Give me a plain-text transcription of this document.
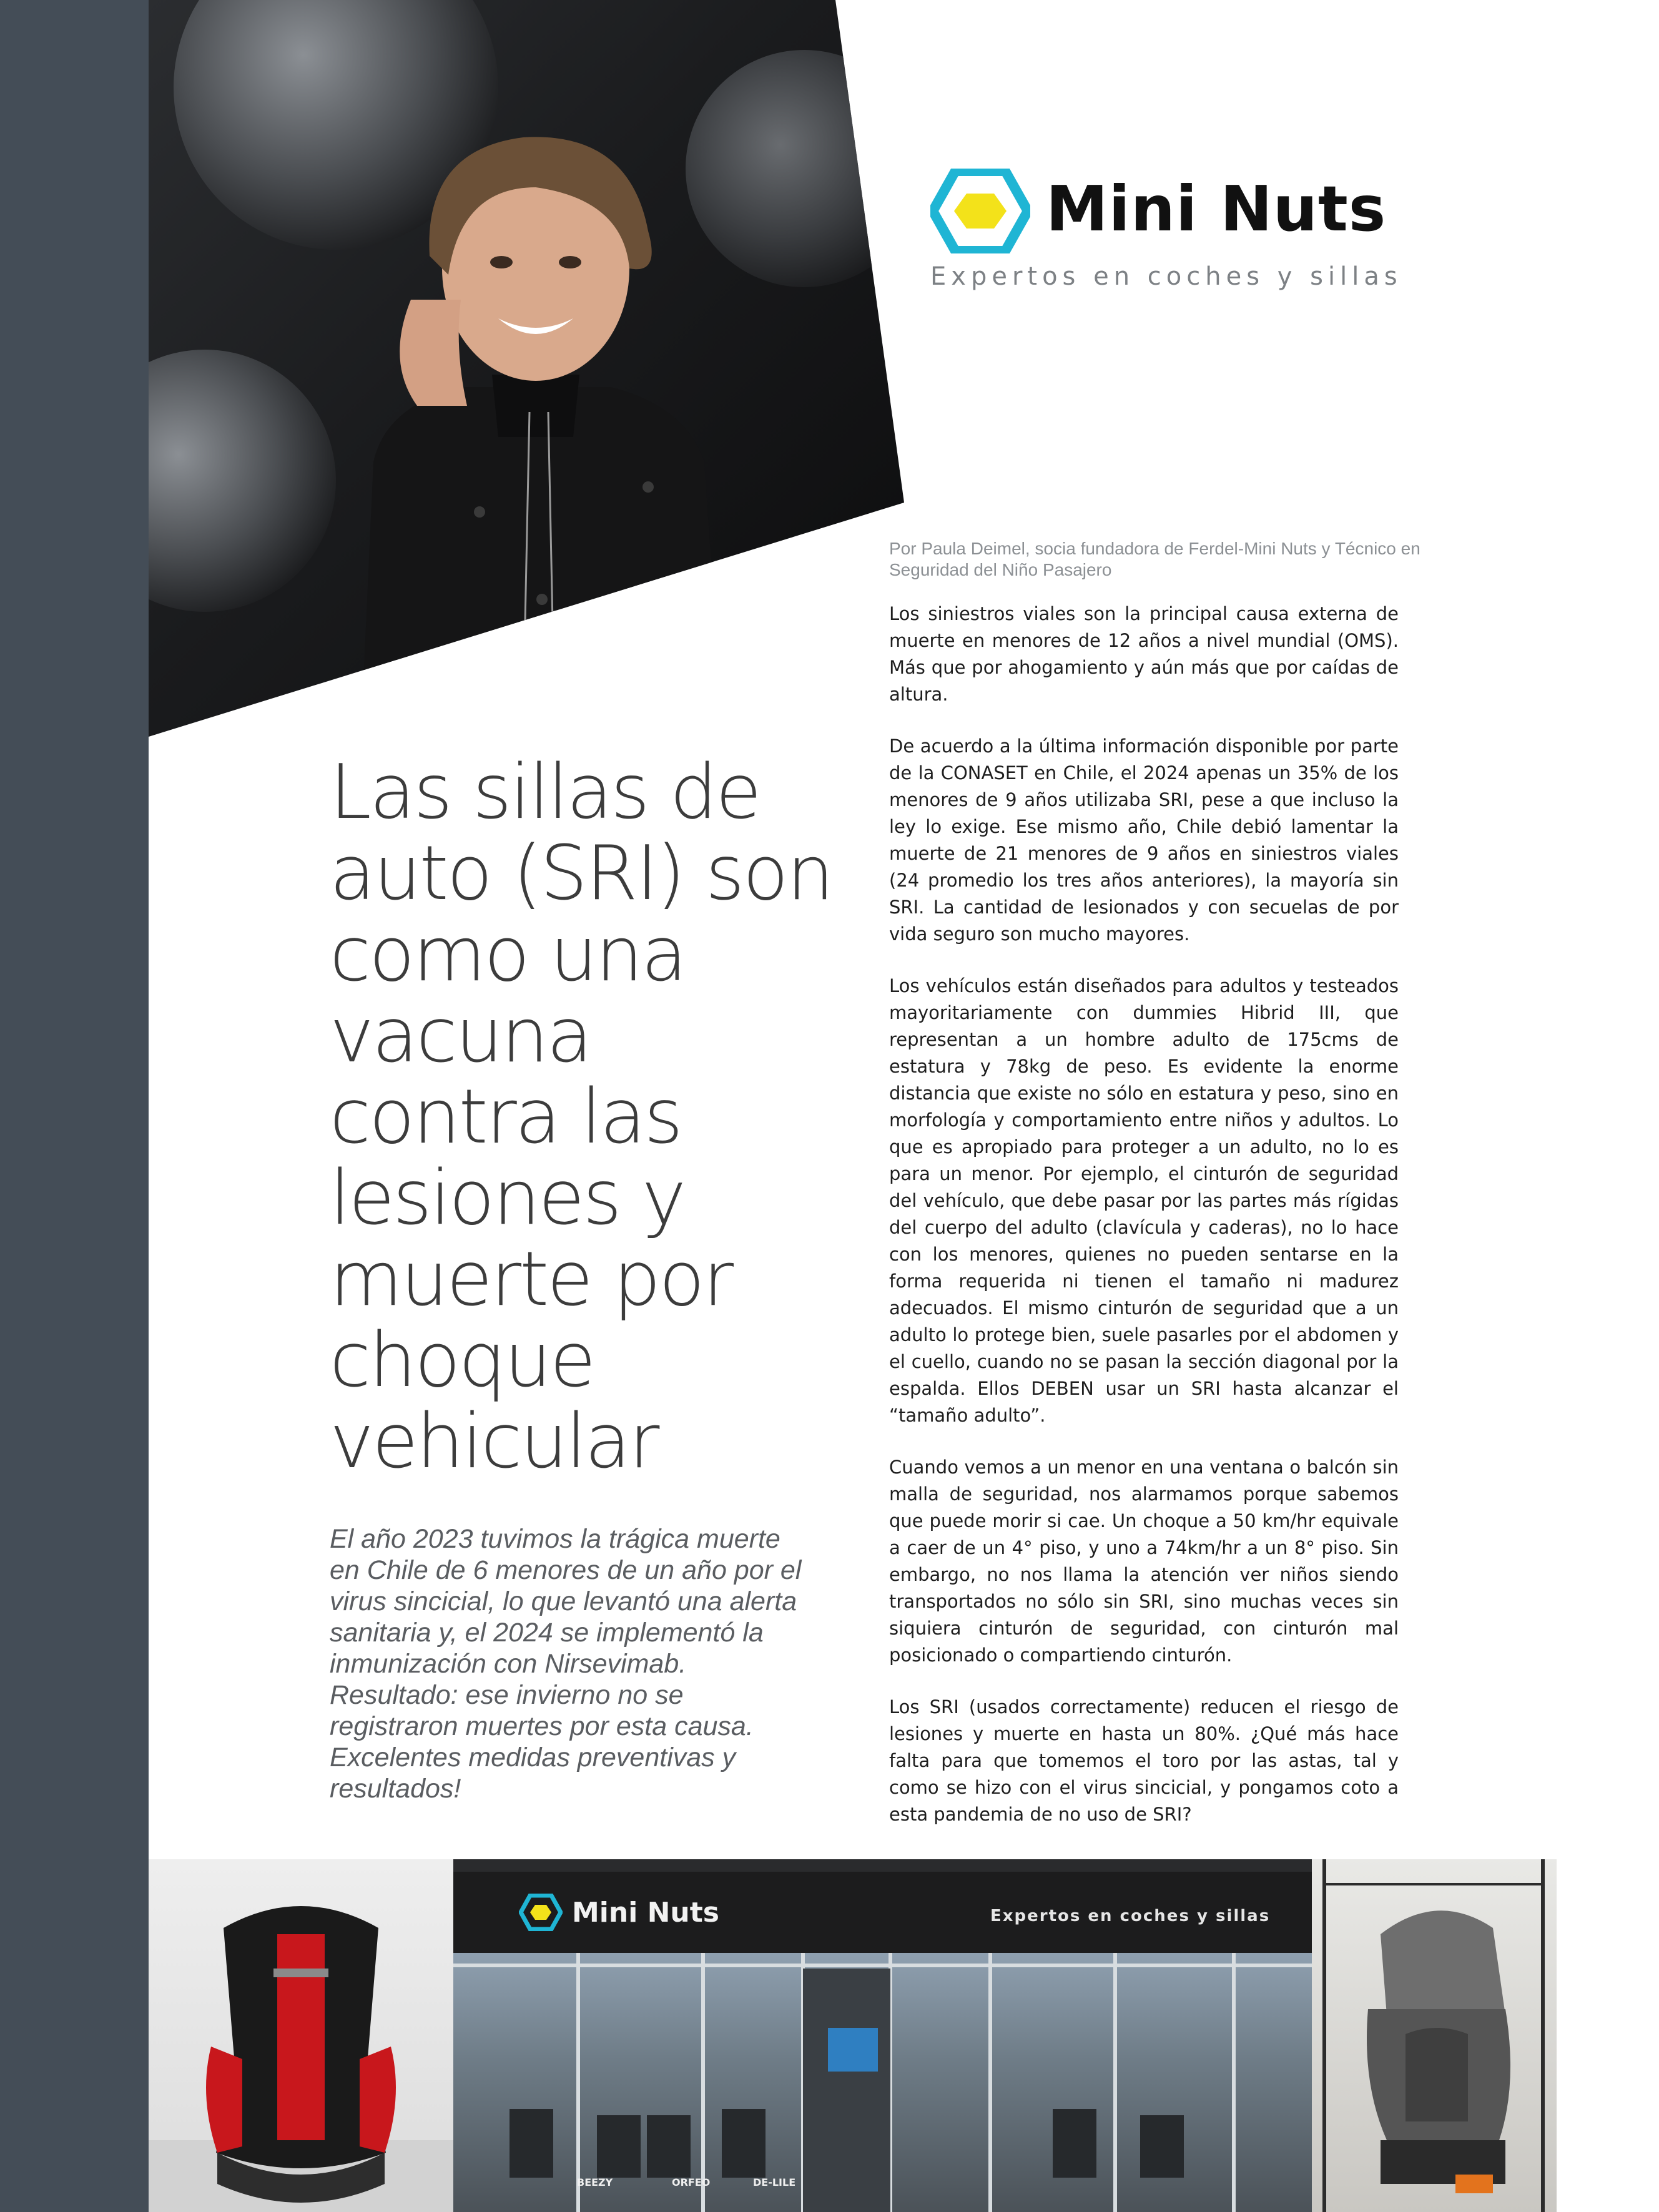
Mini Nuts
Expertos en coches y sillas
Por Paula Deimel, socia fundadora de Ferdel-Mini Nuts y Técnico en Seguridad del Niño Pasajero

Los siniestros viales son la principal causa externa de muerte en menores de 12 años a nivel mundial (OMS). Más que por ahogamiento y aún más que por caídas de altura.

De acuerdo a la última información disponible por parte de la CONASET en Chile, el 2024 apenas un 35% de los menores de 9 años utilizaba SRI, pese a que incluso la ley lo exige. Ese mismo año, Chile debió lamentar la muerte de 21 menores de 9 años en siniestros viales (24 promedio los tres años anteriores), la mayoría sin SRI. La cantidad de lesionados y con secuelas de por vida seguro son mucho mayores.

Los vehículos están diseñados para adultos y testeados mayoritariamente con dummies Hibrid III, que representan a un hombre adulto de 175cms de estatura y 78kg de peso. Es evidente la enorme distancia que existe no sólo en estatura y peso, sino en morfología y comportamiento entre niños y adultos. Lo que es apropiado para proteger a un adulto, no lo es para un menor. Por ejemplo, el cinturón de seguridad del vehículo, que debe pasar por las partes más rígidas del cuerpo del adulto (clavícula y caderas), no lo hace con los menores, quienes no pueden sentarse en la forma requerida ni tienen el tamaño ni madurez adecuados. El mismo cinturón de seguridad que a un adulto lo protege bien, suele pasarles por el abdomen y el cuello, cuando no se pasan la sección diagonal por la espalda. Ellos DEBEN usar un SRI hasta alcanzar el “tamaño adulto”.

Cuando vemos a un menor en una ventana o balcón sin malla de seguridad, nos alarmamos porque sabemos que puede morir si cae. Un choque a 50 km/hr equivale a caer de un 4° piso, y uno a 74km/hr a un 8° piso. Sin embargo, no nos llama la atención ver niños siendo transportados no sólo sin SRI, sino muchas veces sin siquiera cinturón de seguridad, con cinturón mal posicionado o compartiendo cinturón.

Los SRI (usados correctamente) reducen el riesgo de lesiones y muerte en hasta un 80%. ¿Qué más hace falta para que tomemos el toro por las astas, tal y como se hizo con el virus sincicial, y pongamos coto a esta pandemia de no uso de SRI?

Las sillas de auto (SRI) son como una vacuna contra las lesiones y muerte por choque vehicular

El año 2023 tuvimos la trágica muerte en Chile de 6 menores de un año por el virus sincicial, lo que levantó una alerta sanitaria y, el 2024 se implementó la inmunización con Nirsevimab. Resultado: ese invierno no se registraron muertes por esta causa. Excelentes medidas preventivas y resultados!

Mini Nuts	Expertos en coches y sillas
BEEZY	ORFEO	DE-LILE
